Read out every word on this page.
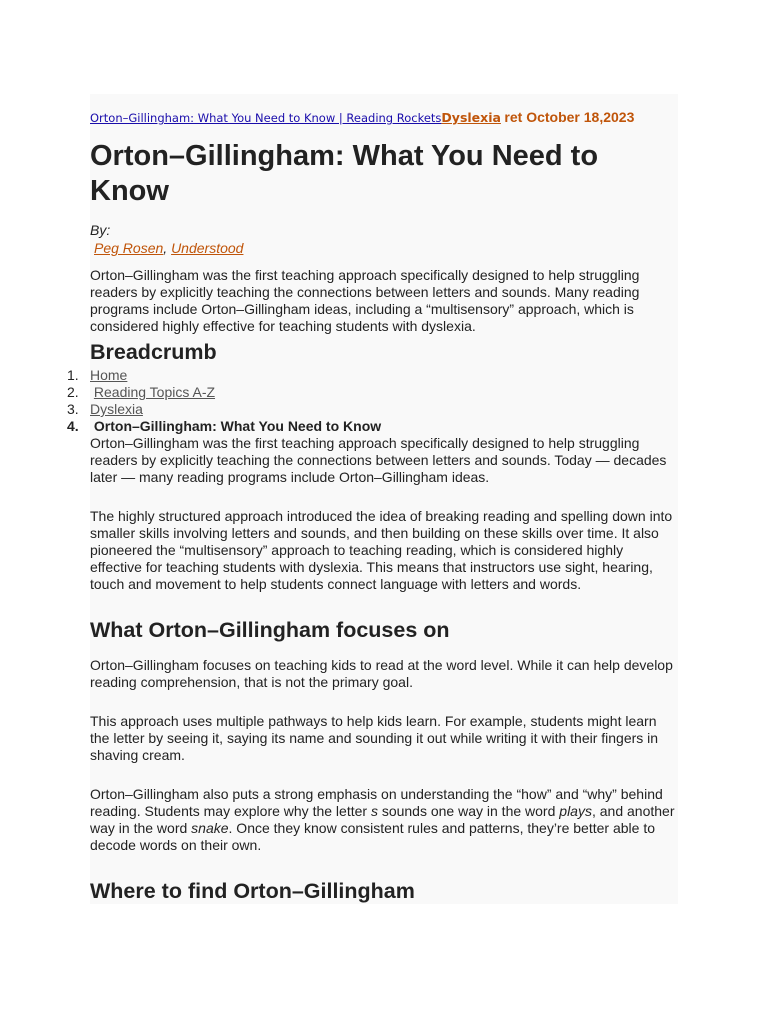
Orton–Gillingham: What You Need to Know | Reading RocketsDyslexia ret October 18,2023
Orton–Gillingham: What You Need to Know
By:
Peg Rosen, Understood

Orton–Gillingham was the first teaching approach specifically designed to help struggling readers by explicitly teaching the connections between letters and sounds. Many reading programs include Orton–Gillingham ideas, including a “multisensory” approach, which is considered highly effective for teaching students with dyslexia.

Breadcrumb
1. Home
2.	Reading Topics A-Z
3. Dyslexia
4.	Orton–Gillingham: What You Need to Know

Orton–Gillingham was the first teaching approach specifically designed to help struggling readers by explicitly teaching the connections between letters and sounds. Today — decades later — many reading programs include Orton–Gillingham ideas.

The highly structured approach introduced the idea of breaking reading and spelling down into smaller skills involving letters and sounds, and then building on these skills over time. It also pioneered the “multisensory” approach to teaching reading, which is considered highly effective for teaching students with dyslexia. This means that instructors use sight, hearing, touch and movement to help students connect language with letters and words.

What Orton–Gillingham focuses on

Orton–Gillingham focuses on teaching kids to read at the word level. While it can help develop reading comprehension, that is not the primary goal.

This approach uses multiple pathways to help kids learn. For example, students might learn the letter by seeing it, saying its name and sounding it out while writing it with their fingers in shaving cream.

Orton–Gillingham also puts a strong emphasis on understanding the “how” and “why” behind reading. Students may explore why the letter s sounds one way in the word plays, and another way in the word snake. Once they know consistent rules and patterns, they’re better able to decode words on their own.

Where to find Orton–Gillingham
